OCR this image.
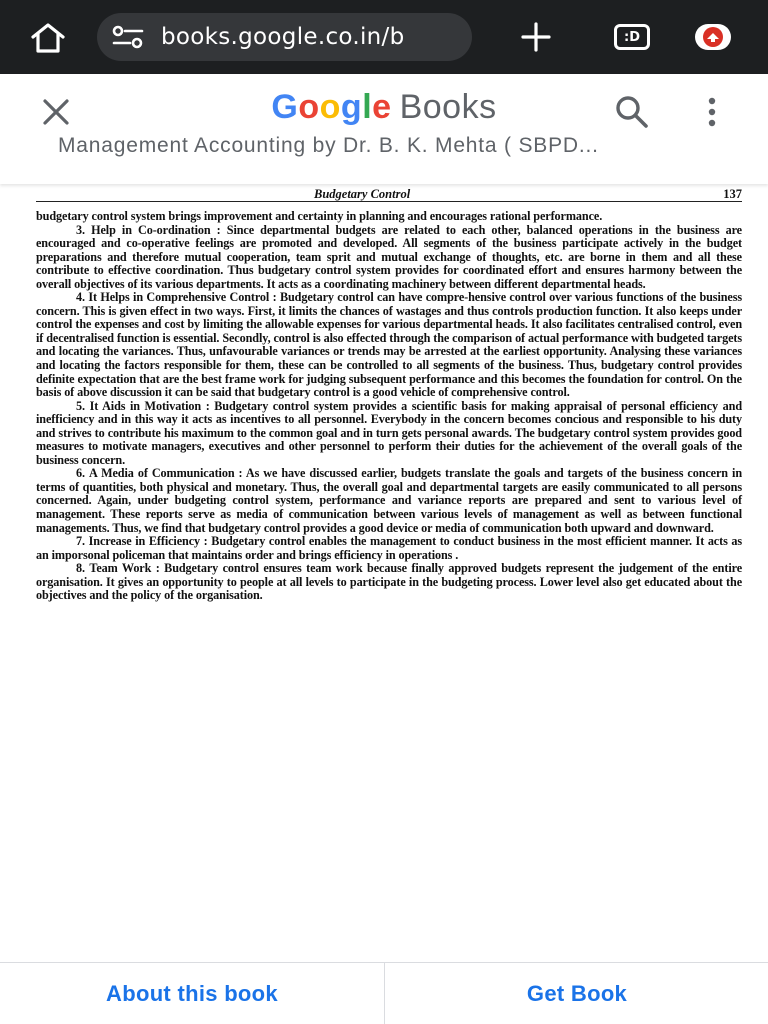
books.google.co.in/b	:D
Google Books
Management Accounting by Dr. B. K. Mehta ( SBPD...
Budgetary Control	137

budgetary control system brings improvement and certainty in planning and encourages rational performance.

3. Help in Co-ordination : Since departmental budgets are related to each other, balanced operations in the business are encouraged and co-operative feelings are promoted and developed. All segments of the business participate actively in the budget preparations and therefore mutual cooperation, team sprit and mutual exchange of thoughts, etc. are borne in them and all these contribute to effective coordination. Thus budgetary control system provides for coordinated effort and ensures harmony between the overall objectives of its various departments. It acts as a coordinating machinery between different departmental heads.

4. It Helps in Comprehensive Control : Budgetary control can have compre-hensive control over various functions of the business concern. This is given effect in two ways. First, it limits the chances of wastages and thus controls production function. It also keeps under control the expenses and cost by limiting the allowable expenses for various departmental heads. It also facilitates centralised control, even if decentralised function is essential. Secondly, control is also effected through the comparison of actual performance with budgeted targets and locating the variances. Thus, unfavourable variances or trends may be arrested at the earliest opportunity. Analysing these variances and locating the factors responsible for them, these can be controlled to all segments of the business. Thus, budgetary control provides definite expectation that are the best frame work for judging subsequent performance and this becomes the foundation for control. On the basis of above discussion it can be said that budgetary control is a good vehicle of comprehensive control.

5. It Aids in Motivation : Budgetary control system provides a scientific basis for making appraisal of personal efficiency and inefficiency and in this way it acts as incentives to all personnel. Everybody in the concern becomes concious and responsible to his duty and strives to contribute his maximum to the common goal and in turn gets personal awards. The budgetary control system provides good measures to motivate managers, executives and other personnel to perform their duties for the achievement of the overall goals of the business concern.

6. A Media of Communication : As we have discussed earlier, budgets translate the goals and targets of the business concern in terms of quantities, both physical and monetary. Thus, the overall goal and departmental targets are easily communicated to all persons concerned. Again, under budgeting control system, performance and variance reports are prepared and sent to various level of management. These reports serve as media of communication between various levels of management as well as between functional managements. Thus, we find that budgetary control provides a good device or media of communication both upward and downward.

7. Increase in Efficiency : Budgetary control enables the management to conduct business in the most efficient manner. It acts as an imporsonal policeman that maintains order and brings efficiency in operations .

8. Team Work : Budgetary control ensures team work because finally approved budgets represent the judgement of the entire organisation. It gives an opportunity to people at all levels to participate in the budgeting process. Lower level also get educated about the objectives and the policy of the organisation.

About this book	Get Book
